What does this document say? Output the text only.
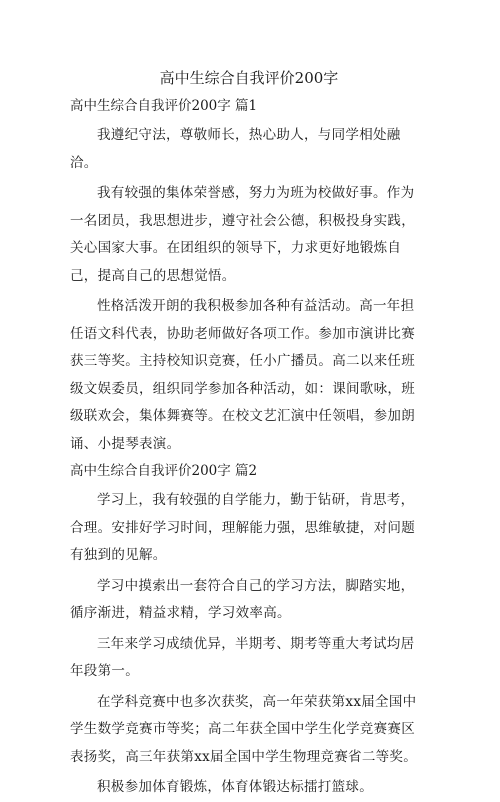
高中生综合自我评价200字
高中生综合自我评价200字 篇1

我遵纪守法，尊敬师长，热心助人，与同学相处融洽。

我有较强的集体荣誉感，努力为班为校做好事。作为一名团员，我思想进步，遵守社会公德，积极投身实践，关心国家大事。在团组织的领导下，力求更好地锻炼自己，提高自己的思想觉悟。

性格活泼开朗的我积极参加各种有益活动。高一年担任语文科代表，协助老师做好各项工作。参加市演讲比赛获三等奖。主持校知识竞赛，任小广播员。高二以来任班级文娱委员，组织同学参加各种活动，如：课间歌咏，班级联欢会，集体舞赛等。在校文艺汇演中任领唱，参加朗诵、小提琴表演。

高中生综合自我评价200字 篇2

学习上，我有较强的自学能力，勤于钻研，肯思考，合理。安排好学习时间，理解能力强，思维敏捷，对问题有独到的见解。

学习中摸索出一套符合自己的学习方法，脚踏实地，循序渐进，精益求精，学习效率高。

三年来学习成绩优异，半期考、期考等重大考试均居年段第一。

在学科竞赛中也多次获奖，高一年荣获第xx届全国中学生数学竞赛市等奖；高二年获全国中学生化学竞赛赛区表扬奖，高三年获第xx届全国中学生物理竞赛省二等奖。

积极参加体育锻炼，体育体锻达标擂打篮球。
